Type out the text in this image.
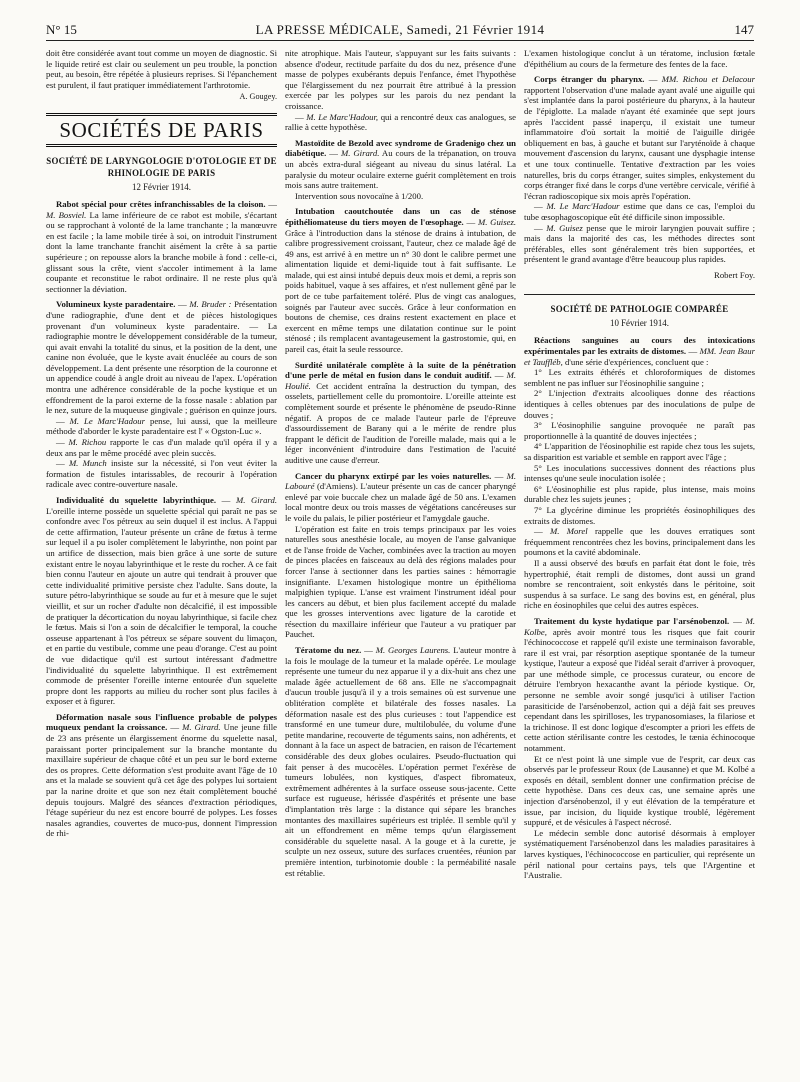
N° 15	LA PRESSE MÉDICALE, Samedi, 21 Février 1914	147

doit être considérée avant tout comme un moyen de diagnostic. Si le liquide retiré est clair ou seulement un peu trouble, la ponction peut, au besoin, être répétée à plusieurs reprises. Si l'épanchement est purulent, il faut pratiquer immédiatement l'arthrotomie.

A. Gougey.

SOCIÉTÉS DE PARIS
SOCIÉTÉ DE LARYNGOLOGIE D'OTOLOGIE ET DE RHINOLOGIE DE PARIS
12 Février 1914.

Rabot spécial pour crêtes infranchissables de la cloison. — M. Bosviel. La lame inférieure de ce rabot est mobile, s'écartant ou se rapprochant à volonté de la lame tranchante ; la manœuvre en est facile ; la lame mobile tirée à soi, on introduit l'instrument dont la lame tranchante franchit aisément la crête à sa partie supérieure ; on repousse alors la branche mobile à fond : celle-ci, glissant sous la crête, vient s'accoler intimement à la lame coupante et reconstitue le rabot ordinaire. Il ne reste plus qu'à sectionner la déviation.

Volumineux kyste paradentaire. — M. Bruder : Présentation d'une radiographie, d'une dent et de pièces histologiques provenant d'un volumineux kyste paradentaire. — La radiographie montre le développement considérable de la tumeur, qui avait envahi la totalité du sinus, et la position de la dent, une canine non évoluée, que le kyste avait énucléée au cours de son développement. La dent présente une résorption de la couronne et un appendice coudé à angle droit au niveau de l'apex. L'opération montra une adhérence considérable de la poche kystique et un effondrement de la paroi externe de la fosse nasale : ablation par le nez, suture de la muqueuse gingivale ; guérison en quinze jours.

— M. Le Marc'Hadour pense, lui aussi, que la meilleure méthode d'aborder le kyste paradentaire est l' « Ogston-Luc ».

— M. Richou rapporte le cas d'un malade qu'il opéra il y a deux ans par le même procédé avec plein succès.

— M. Munch insiste sur la nécessité, si l'on veut éviter la formation de fistules intarissables, de recourir à l'opération radicale avec contre-ouverture nasale.

Individualité du squelette labyrinthique. — M. Girard. L'oreille interne possède un squelette spécial qui paraît ne pas se confondre avec l'os pétreux au sein duquel il est inclus. A l'appui de cette affirmation, l'auteur présente un crâne de fœtus à terme sur lequel il a pu isoler complètement le labyrinthe, non point par un artifice de dissection, mais bien grâce à une sorte de suture existant entre le noyau labyrinthique et le reste du rocher. A ce fait bien connu l'auteur en ajoute un autre qui tendrait à prouver que cette individualité primitive persiste chez l'adulte. Sans doute, la suture pétro-labyrinthique se soude au fur et à mesure que le sujet vieillit, et sur un rocher d'adulte non décalcifié, il est impossible de pratiquer la décortication du noyau labyrinthique, si facile chez le fœtus. Mais si l'on a soin de décalcifier le temporal, la couche osseuse appartenant à l'os pétreux se sépare souvent du limaçon, et en partie du vestibule, comme une peau d'orange. C'est au point de vue didactique qu'il est surtout intéressant d'admettre l'individualité du squelette labyrinthique. Il est extrêmement commode de présenter l'oreille interne entourée d'un squelette propre dont les rapports au milieu du rocher sont plus faciles à exposer et à figurer.

Déformation nasale sous l'influence probable de polypes muqueux pendant la croissance. — M. Girard. Une jeune fille de 23 ans présente un élargissement énorme du squelette nasal, paraissant porter principalement sur la branche montante du maxillaire supérieur de chaque côté et un peu sur le bord externe des os propres. Cette déformation s'est produite avant l'âge de 10 ans et la malade se souvient qu'à cet âge des polypes lui sortaient par la narine droite et que son nez était complètement bouché depuis toujours. Malgré des séances d'extraction périodiques, l'étage supérieur du nez est encore bourré de polypes. Les fosses nasales agrandies, couvertes de muco-pus, donnent l'impression de rhi-

nite atrophique. Mais l'auteur, s'appuyant sur les faits suivants : absence d'odeur, rectitude parfaite du dos du nez, présence d'une masse de polypes exubérants depuis l'enfance, émet l'hypothèse que l'élargissement du nez pourrait être attribué à la pression exercée par les polypes sur les parois du nez pendant la croissance.

— M. Le Marc'Hadour, qui a rencontré deux cas analogues, se rallie à cette hypothèse.

Mastoïdite de Bezold avec syndrome de Gradenigo chez un diabétique. — M. Girard. Au cours de la trépanation, on trouva un abcès extra-dural siégeant au niveau du sinus latéral. La paralysie du moteur oculaire externe guérit complètement en trois mois sans autre traitement.

Intervention sous novocaïne à 1/200.

Intubation caoutchoutée dans un cas de sténose épithéliomateuse du tiers moyen de l'œsophage. — M. Guisez. Grâce à l'introduction dans la sténose de drains à intubation, de calibre progressivement croissant, l'auteur, chez ce malade âgé de 49 ans, est arrivé à en mettre un n° 30 dont le calibre permet une alimentation liquide et demi-liquide tout à fait suffisante. Le malade, qui est ainsi intubé depuis deux mois et demi, a repris son poids habituel, vaque à ses affaires, et n'est nullement gêné par le port de ce tube parfaitement toléré. Plus de vingt cas analogues, soignés par l'auteur avec succès. Grâce à leur conformation en boutons de chemise, ces drains restent exactement en place et exercent en même temps une dilatation continue sur le point sténosé ; ils remplacent avantageusement la gastrostomie, qui, en pareil cas, était la seule ressource.

Surdité unilatérale complète à la suite de la pénétration d'une perle de métal en fusion dans le conduit auditif. — M. Houlié. Cet accident entraîna la destruction du tympan, des osselets, partiellement celle du promontoire. L'oreille atteinte est complètement sourde et présente le phénomène de pseudo-Rinne négatif. A propos de ce malade l'auteur parle de l'épreuve d'assourdissement de Barany qui a le mérite de rendre plus frappant le déficit de l'audition de l'oreille malade, mais qui a le léger inconvénient d'introduire dans l'estimation de l'acuité auditive une cause d'erreur.

Cancer du pharynx extirpé par les voies naturelles. — M. Labouré (d'Amiens). L'auteur présente un cas de cancer pharyngé enlevé par voie buccale chez un malade âgé de 50 ans. L'examen local montre deux ou trois masses de végétations cancéreuses sur le voile du palais, le pilier postérieur et l'amygdale gauche.

L'opération est faite en trois temps principaux par les voies naturelles sous anesthésie locale, au moyen de l'anse galvanique et de l'anse froide de Vacher, combinées avec la traction au moyen de pinces placées en faisceaux au delà des régions malades pour forcer l'anse à sectionner dans les parties saines : hémorragie insignifiante. L'examen histologique montre un épithélioma malpighien typique. L'anse est vraiment l'instrument idéal pour les cancers au début, et bien plus facilement accepté du malade que les grosses interventions avec ligature de la carotide et résection du maxillaire inférieur que l'auteur a vu pratiquer par Pauchet.

Tératome du nez. — M. Georges Laurens. L'auteur montre à la fois le moulage de la tumeur et la malade opérée. Le moulage représente une tumeur du nez apparue il y a dix-huit ans chez une malade âgée actuellement de 68 ans. Elle ne s'accompagnait d'aucun trouble jusqu'à il y a trois semaines où est survenue une oblitération complète et bilatérale des fosses nasales. La déformation nasale est des plus curieuses : tout l'appendice est transformé en une tumeur dure, multilobulée, du volume d'une petite mandarine, recouverte de téguments sains, non adhérents, et donnant à la face un aspect de batracien, en raison de l'écartement considérable des deux globes oculaires. Pseudo-fluctuation qui fait penser à des mucocèles. L'opération permet l'exérèse de tumeurs lobulées, non kystiques, d'aspect fibromateux, extrêmement adhérentes à la surface osseuse sous-jacente. Cette surface est rugueuse, hérissée d'aspérités et présente une base d'implantation très large : la distance qui sépare les branches montantes des maxillaires supérieurs est triplée. Il semble qu'il y ait un effondrement en même temps qu'un élargissement considérable du squelette nasal. A la gouge et à la curette, je sculpte un nez osseux, suture des surfaces cruentées, réunion par première intention, turbinotomie double : la perméabilité nasale est rétablie.

L'examen histologique conclut à un tératome, inclusion fœtale d'épithélium au cours de la fermeture des fentes de la face.

Corps étranger du pharynx. — MM. Richou et Delacour rapportent l'observation d'une malade ayant avalé une aiguille qui s'est implantée dans la paroi postérieure du pharynx, à la hauteur de l'épiglotte. La malade n'ayant été examinée que sept jours après l'accident passé inaperçu, il existait une tumeur inflammatoire d'où sortait la moitié de l'aiguille dirigée obliquement en bas, à gauche et butant sur l'aryténoïde à chaque mouvement d'ascension du larynx, causant une dysphagie intense et une toux continuelle. Tentative d'extraction par les voies naturelles, bris du corps étranger, suites simples, enkystement du corps étranger fixé dans le corps d'une vertèbre cervicale, vérifié à l'écran radioscopique six mois après l'opération.

— M. Le Marc'Hadour estime que dans ce cas, l'emploi du tube œsophagoscopique eût été difficile sinon impossible.

— M. Guisez pense que le miroir laryngien pouvait suffire ; mais dans la majorité des cas, les méthodes directes sont préférables, elles sont généralement très bien supportées, et présentent le grand avantage d'être beaucoup plus rapides.

Robert Foy.

SOCIÉTÉ DE PATHOLOGIE COMPARÉE
10 Février 1914.

Réactions sanguines au cours des intoxications expérimentales par les extraits de distomes. — MM. Jean Baur et Tauffléb, d'une série d'expériences, concluent que :

1° Les extraits éthérés et chloroformiques de distomes semblent ne pas influer sur l'éosinophilie sanguine ;

2° L'injection d'extraits alcooliques donne des réactions identiques à celles obtenues par des inoculations de pulpe de douves ;

3° L'éosinophilie sanguine provoquée ne paraît pas proportionnelle à la quantité de douves injectées ;

4° L'apparition de l'éosinophilie est rapide chez tous les sujets, sa disparition est variable et semble en rapport avec l'âge ;

5° Les inoculations successives donnent des réactions plus intenses qu'une seule inoculation isolée ;

6° L'éosinophilie est plus rapide, plus intense, mais moins durable chez les sujets jeunes ;

7° La glycérine diminue les propriétés éosinophiliques des extraits de distomes.

— M. Morel rappelle que les douves erratiques sont fréquemment rencontrées chez les bovins, principalement dans les poumons et la cavité abdominale.

Il a aussi observé des bœufs en parfait état dont le foie, très hypertrophié, était rempli de distomes, dont aussi un grand nombre se rencontraient, soit enkystés dans le péritoine, soit suspendus à sa surface. Le sang des bovins est, en général, plus riche en éosinophiles que celui des autres espèces.

Traitement du kyste hydatique par l'arsénobenzol. — M. Kolbe, après avoir montré tous les risques que fait courir l'échinococcose et rappelé qu'il existe une terminaison favorable, rare il est vrai, par résorption aseptique spontanée de la tumeur kystique, l'auteur a exposé que l'idéal serait d'arriver à provoquer, par une méthode simple, ce processus curateur, ou encore de détruire l'embryon hexacanthe avant la période kystique. Or, personne ne semble avoir songé jusqu'ici à utiliser l'action parasiticide de l'arsénobenzol, action qui a déjà fait ses preuves cependant dans les spirilloses, les trypanosomiases, la filariose et la trichinose. Il est donc logique d'escompter a priori les effets de cette action stérilisante contre les cestodes, le tænia échinocoque notamment.

Et ce n'est point là une simple vue de l'esprit, car deux cas observés par le professeur Roux (de Lausanne) et que M. Kolbé a exposés en détail, semblent donner une confirmation précise de cette hypothèse. Dans ces deux cas, une semaine après une injection d'arsénobenzol, il y eut élévation de la température et issue, par incision, du liquide kystique troublé, légèrement suppuré, et de vésicules à l'aspect nécrosé.

Le médecin semble donc autorisé désormais à employer systématiquement l'arsénobenzol dans les maladies parasitaires à larves kystiques, l'échinococcose en particulier, qui représente un péril national pour certains pays, tels que l'Argentine et l'Australie.
